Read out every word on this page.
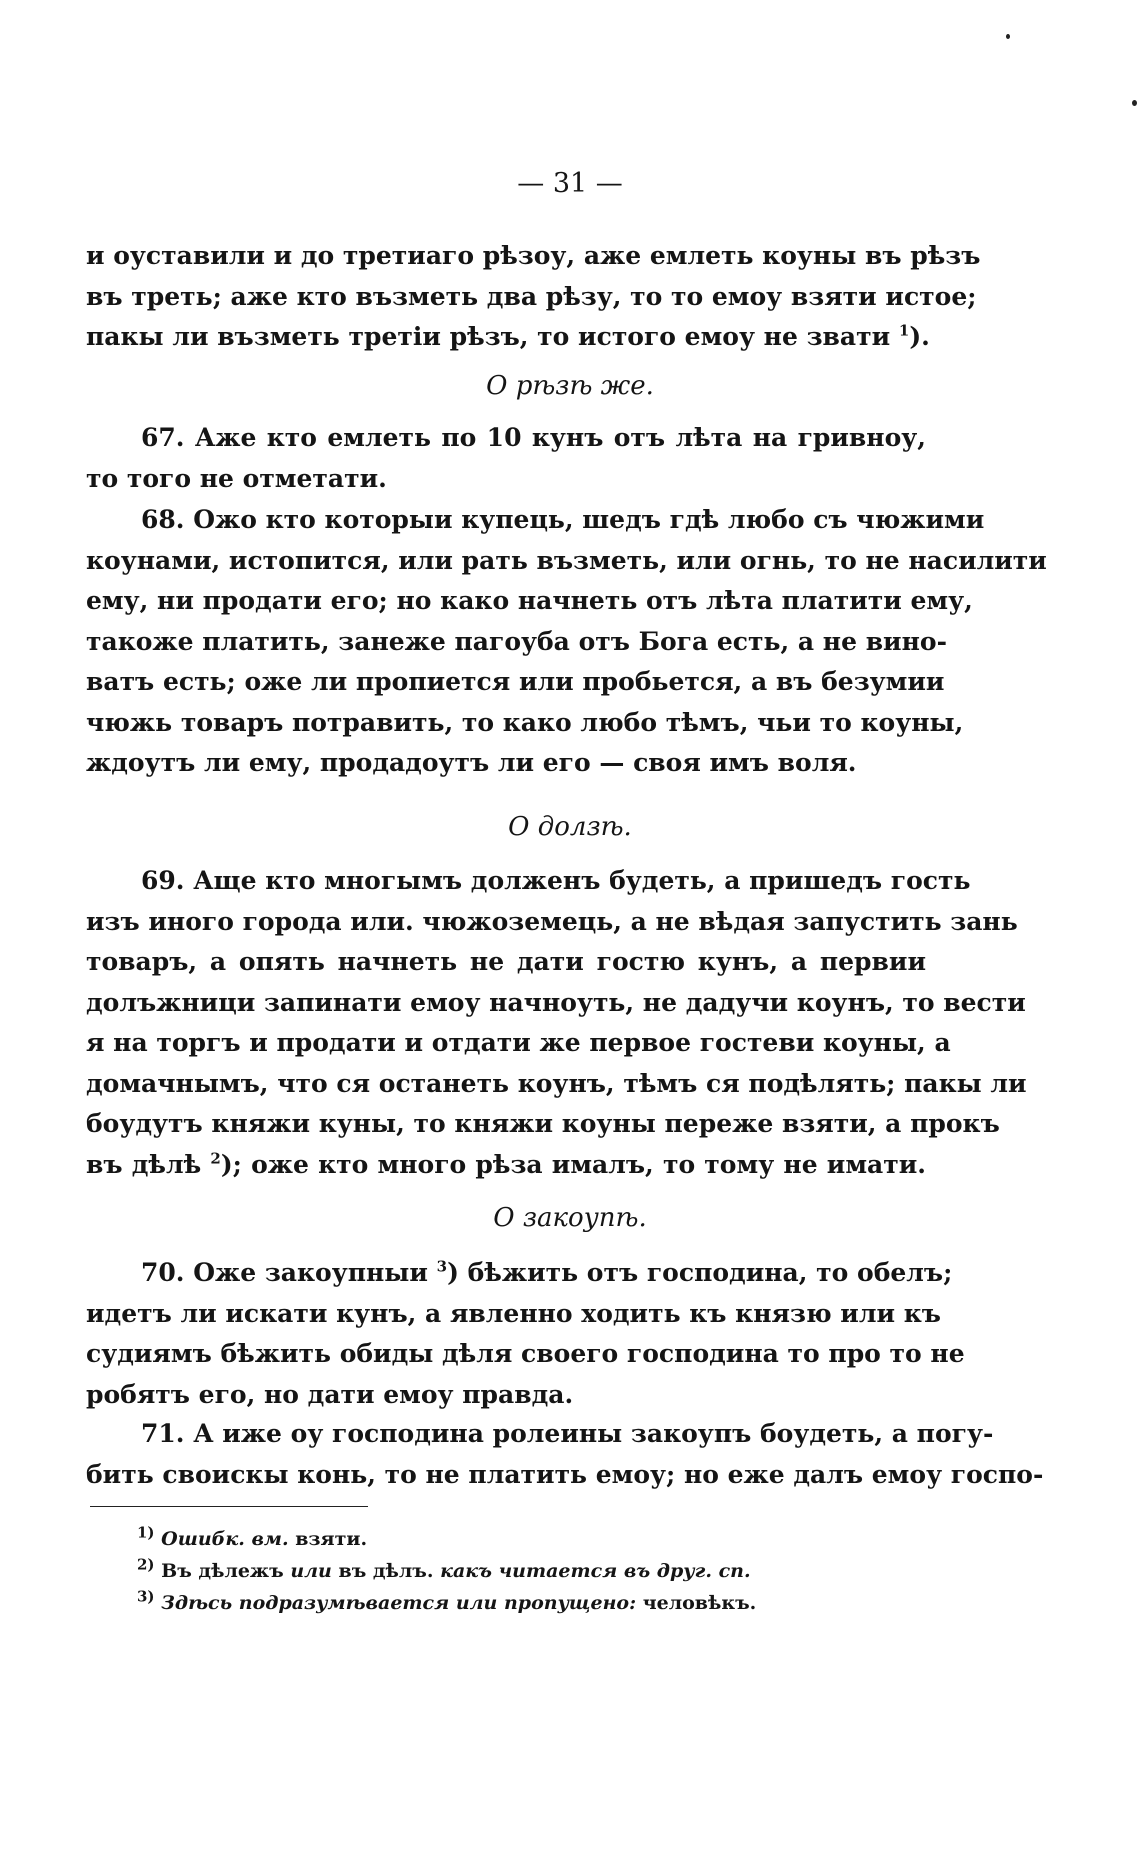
— 31 —
и оуставили и до третиаго рѣзоу, аже емлеть коуны въ рѣзъ
въ треть; аже кто възметь два рѣзу, то то емоу взяти истое;
пакы ли възметь третiи рѣзъ, то истого емоу не звати $^1$).
О рѣзѣ же.
67. Аже кто емлеть по 10 кунъ отъ лѣта на гривноу,
то того не отметати.
68. Ожо кто которыи купець, шедъ гдѣ любо съ чюжими
коунами, истопится, или рать възметь, или огнь, то не насилити
ему, ни продати его; но како начнеть отъ лѣта платити ему,
такоже платить, занеже пагоуба отъ Бога есть, а не вино-
ватъ есть; оже ли пропиется или пробьется, а въ безумии
чюжь товаръ потравить, то како любо тѣмъ, чьи то коуны,
ждоутъ ли ему, продадоутъ ли его — своя имъ воля.
О долзѣ.
69. Аще кто многымъ долженъ будеть, а пришедъ гость
изъ иного города или. чюжоземець, а не вѣдая запустить зань
товаръ, а опять начнеть не дати гостю кунъ, а первии
долъжници запинати емоу начноуть, не дадучи коунъ, то вести
я на торгъ и продати и отдати же первое гостеви коуны, а
домачнымъ, что ся останеть коунъ, тѣмъ ся подѣлять; пакы ли
боудутъ княжи куны, то княжи коуны переже взяти, а прокъ
въ дѣлѣ $^2$); оже кто много рѣза ималъ, то тому не имати.
О закоупѣ.
70. Оже закоупныи $^3$) бѣжить отъ господина, то обелъ;
идетъ ли искати кунъ, а явленно ходить къ князю или къ
судиямъ бѣжить обиды дѣля своего господина то про то не
робятъ его, но дати емоу правда.
71. А иже оу господина ролеины закоупъ боудеть, а погу-
бить своискы конь, то не платить емоу; но еже далъ емоу госпо-
$^{1)}$ Ошибк. вм. взяти.
$^{2)}$ Въ дѣлежъ или въ дѣлъ. какъ читается въ друг. сп.
$^{3)}$ Здѣсь подразумѣвается или пропущено: человѣкъ.
